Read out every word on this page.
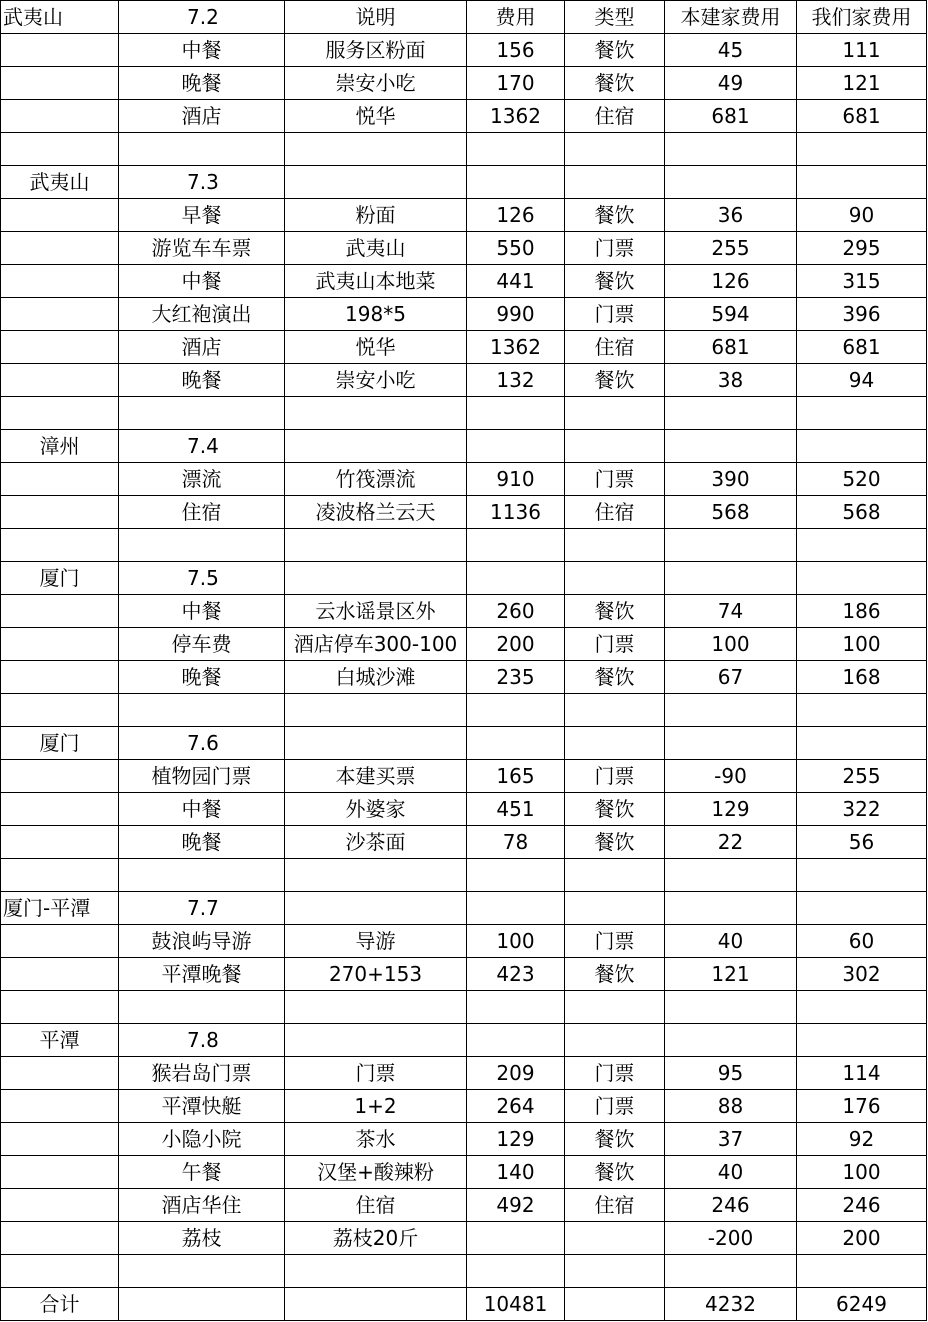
武夷山	7.2	说明	费用	类型	本建家费用	我们家费用
	中餐	服务区粉面	156	餐饮	45	111
	晚餐	崇安小吃	170	餐饮	49	121
	酒店	悦华	1362	住宿	681	681

武夷山	7.3					
	早餐	粉面	126	餐饮	36	90
	游览车车票	武夷山	550	门票	255	295
	中餐	武夷山本地菜	441	餐饮	126	315
	大红袍演出	198*5	990	门票	594	396
	酒店	悦华	1362	住宿	681	681
	晚餐	崇安小吃	132	餐饮	38	94

漳州	7.4					
	漂流	竹筏漂流	910	门票	390	520
	住宿	凌波格兰云天	1136	住宿	568	568

厦门	7.5					
	中餐	云水谣景区外	260	餐饮	74	186
	停车费	酒店停车300-100	200	门票	100	100
	晚餐	白城沙滩	235	餐饮	67	168

厦门	7.6					
	植物园门票	本建买票	165	门票	-90	255
	中餐	外婆家	451	餐饮	129	322
	晚餐	沙茶面	78	餐饮	22	56

厦门-平潭	7.7					
	鼓浪屿导游	导游	100	门票	40	60
	平潭晚餐	270+153	423	餐饮	121	302

平潭	7.8					
	猴岩岛门票	门票	209	门票	95	114
	平潭快艇	1+2	264	门票	88	176
	小隐小院	茶水	129	餐饮	37	92
	午餐	汉堡+酸辣粉	140	餐饮	40	100
	酒店华住	住宿	492	住宿	246	246
	荔枝	荔枝20斤			-200	200

合计			10481		4232	6249
